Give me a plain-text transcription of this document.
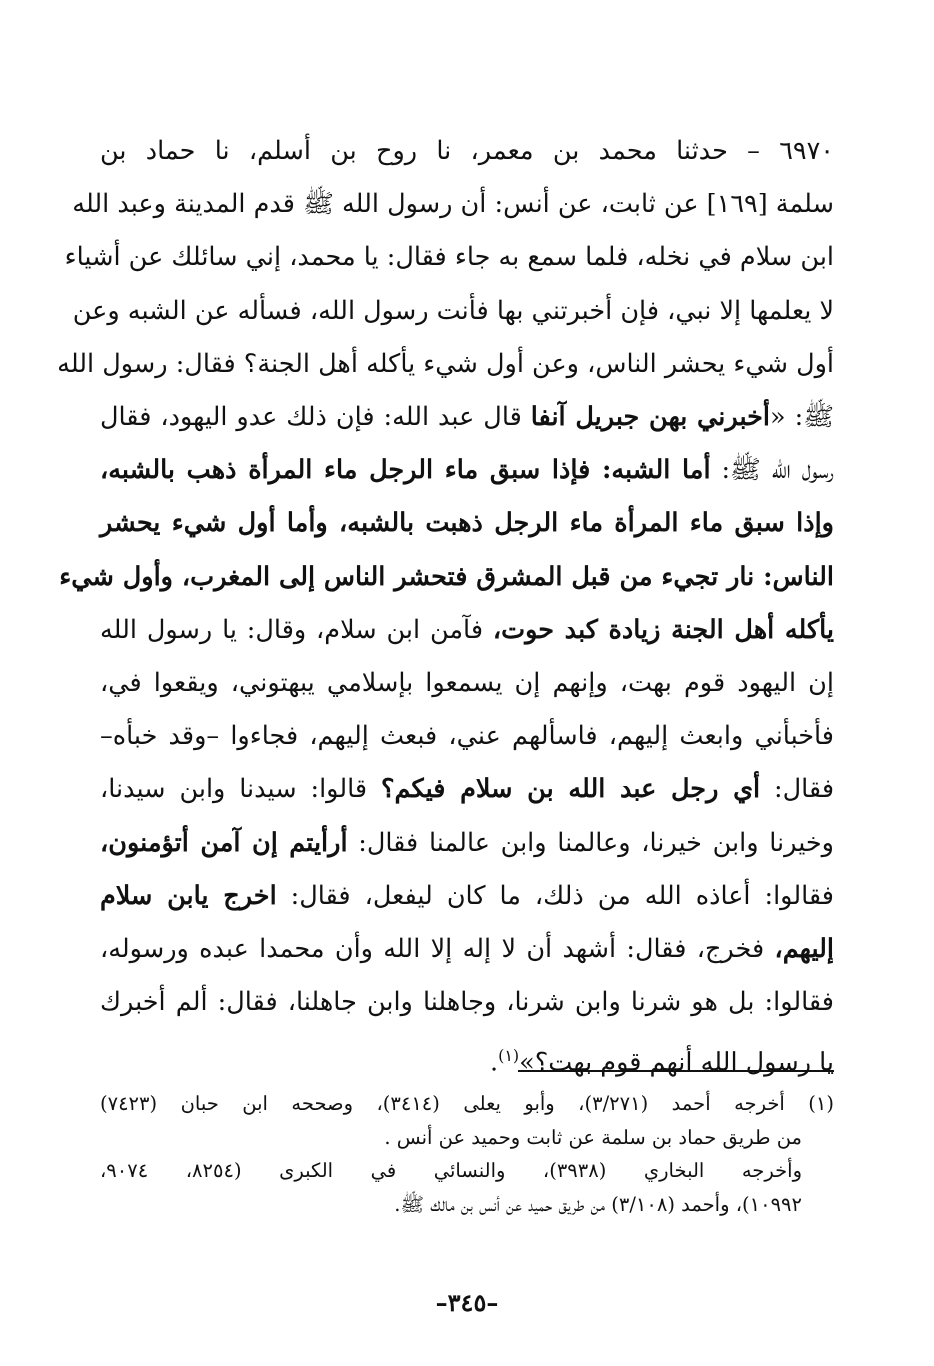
٦٩٧٠ – حدثنا محمد بن معمر، نا روح بن أسلم، نا حماد بن
سلمة [١٦٩] عن ثابت، عن أنس: أن رسول الله ﷺ قدم المدينة وعبد الله
ابن سلام في نخله، فلما سمع به جاء فقال: يا محمد، إني سائلك عن أشياء
لا يعلمها إلا نبي، فإن أخبرتني بها فأنت رسول الله، فسأله عن الشبه وعن
أول شيء يحشر الناس، وعن أول شيء يأكله أهل الجنة؟ فقال: رسول الله
ﷺ: «أخبرني بهن جبريل آنفا قال عبد الله: فإن ذلك عدو اليهود، فقال
رسول الله ﷺ: أما الشبه: فإذا سبق ماء الرجل ماء المرأة ذهب بالشبه،
وإذا سبق ماء المرأة ماء الرجل ذهبت بالشبه، وأما أول شيء يحشر
الناس: نار تجيء من قبل المشرق فتحشر الناس إلى المغرب، وأول شيء
يأكله أهل الجنة زيادة كبد حوت، فآمن ابن سلام، وقال: يا رسول الله
إن اليهود قوم بهت، وإنهم إن يسمعوا بإسلامي يبهتوني، ويقعوا في،
فأخبأني وابعث إليهم، فاسألهم عني، فبعث إليهم، فجاءوا –وقد خبأه–
فقال: أي رجل عبد الله بن سلام فيكم؟ قالوا: سيدنا وابن سيدنا،
وخيرنا وابن خيرنا، وعالمنا وابن عالمنا فقال: أرأيتم إن آمن أتؤمنون،
فقالوا: أعاذه الله من ذلك، ما كان ليفعل، فقال: اخرج يابن سلام
إليهم، فخرج، فقال: أشهد أن لا إله إلا الله وأن محمدا عبده ورسوله،
فقالوا: بل هو شرنا وابن شرنا، وجاهلنا وابن جاهلنا، فقال: ألم أخبرك
يا رسول الله أنهم قوم بهت؟»$^{(١)}$.
(١) أخرجه أحمد (٣/٢٧١)، وأبو يعلى (٣٤١٤)، وصححه ابن حبان (٧٤٢٣)
من طريق حماد بن سلمة عن ثابت وحميد عن أنس .
وأخرجه البخاري (٣٩٣٨)، والنسائي في الكبرى (٨٢٥٤، ٩٠٧٤،
١٠٩٩٢)، وأحمد (٣/١٠٨) من طريق حميد عن أنس بن مالك ﷺ.
–٣٤٥–
